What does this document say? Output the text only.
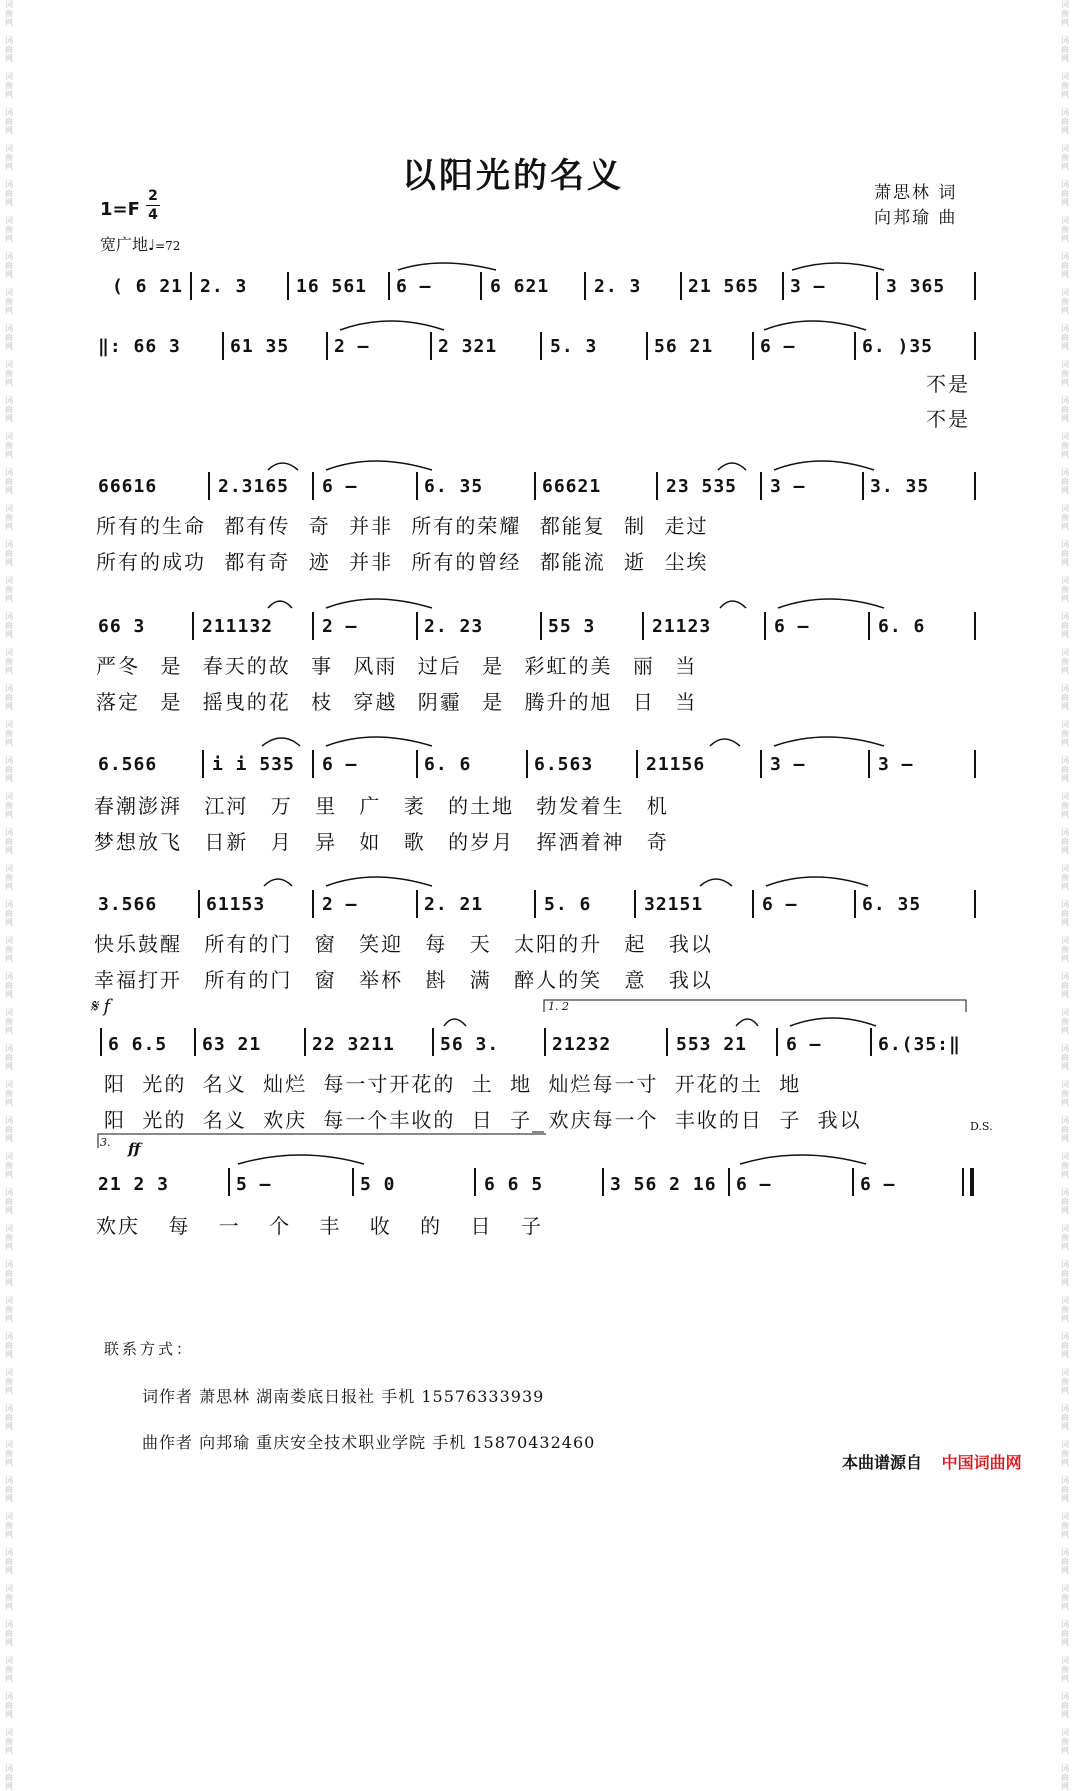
词
曲
网

词
曲
网

词
曲
网

词
曲
网

词
曲
网

词
曲
网

词
曲
网

词
曲
网

词
曲
网

词
曲
网

词
曲
网

词
曲
网

词
曲
网

词
曲
网

词
曲
网

词
曲
网

词
曲
网

词
曲
网

词
曲
网

词
曲
网

词
曲
网

词
曲
网

词
曲
网

词
曲
网

词
曲
网

词
曲
网

词
曲
网

词
曲
网

词
曲
网

词
曲
网

词
曲
网

词
曲
网

词
曲
网

词
曲
网

词
曲
网

词
曲
网

词
曲
网

词
曲
网

词
曲
网

词
曲
网

词
曲
网

词
曲
网

词
曲
网

词
曲
网

词
曲
网

词
曲
网

词
曲
网

词
曲
网

词
曲
网

词
曲
网
词
曲
网

词
曲
网

词
曲
网

词
曲
网

词
曲
网

词
曲
网

词
曲
网

词
曲
网

词
曲
网

词
曲
网

词
曲
网

词
曲
网

词
曲
网

词
曲
网

词
曲
网

词
曲
网

词
曲
网

词
曲
网

词
曲
网

词
曲
网

词
曲
网

词
曲
网

词
曲
网

词
曲
网

词
曲
网

词
曲
网

词
曲
网

词
曲
网

词
曲
网

词
曲
网

词
曲
网

词
曲
网

词
曲
网

词
曲
网

词
曲
网

词
曲
网

词
曲
网

词
曲
网

词
曲
网

词
曲
网

词
曲
网

词
曲
网

词
曲
网

词
曲
网

词
曲
网

词
曲
网

词
曲
网

词
曲
网

词
曲
网

词
曲
网
以阳光的名义	萧思林 词
向邦瑜 曲
1=F
2
4
宽广地♩=72
( 6 21 2. 3	16 561 6 –	6 621 2. 3	21 565 3 –	3 365
‖: 66 3	61 35 2 –	2 321	5. 3	56 21	6 –	6. )35
不是
不是
66616	2.3165 6 –	6. 35	66621	23 535 3 –	3. 35
所有的生命 都有传 奇 并非 所有的荣耀 都能复 制 走过
所有的成功 都有奇 迹 并非 所有的曾经 都能流 逝 尘埃
66 3	211132	2 –	2. 23	55 3	21123	6 –	6. 6
严冬 是 春天的故 事 风雨 过后 是 彩虹的美 丽 当
落定 是 摇曳的花 枝 穿越 阴霾 是 腾升的旭 日 当
6.566	i i 535 6 –	6. 6	6.563	21156	3 –	3 –
春潮澎湃 江河 万 里 广 袤 的土地 勃发着生 机
梦想放飞 日新 月 异 如 歌 的岁月 挥洒着神 奇
3.566	61153	2 –	2. 21	5. 6	32151	6 –	6. 35
快乐鼓醒 所有的门 窗 笑迎 每 天 太阳的升 起 我以
幸福打开 所有的门 窗 举杯 斟 满 醉人的笑 意 我以
𝄋 f	1. 2
6 6.5 63 21	22 3211	56 3.	21232	553 21 6 –	6.(35:‖
阳 光的 名义 灿烂 每一寸开花的 土 地 灿烂每一寸 开花的土 地
阳 光的 名义 欢庆 每一个丰收的 日 子 欢庆每一个 丰收的日 子 我以	D.S.
3. ff
21 2 3	5 –	5 0	6 6 5	3 56 2 16 6 –	6 –
欢庆 每 一 个 丰 收 的 日 子
联系方式：
词作者 萧思林 湖南娄底日报社 手机 15576333939
曲作者 向邦瑜 重庆安全技术职业学院 手机 15870432460
本曲谱源自 中国词曲网
